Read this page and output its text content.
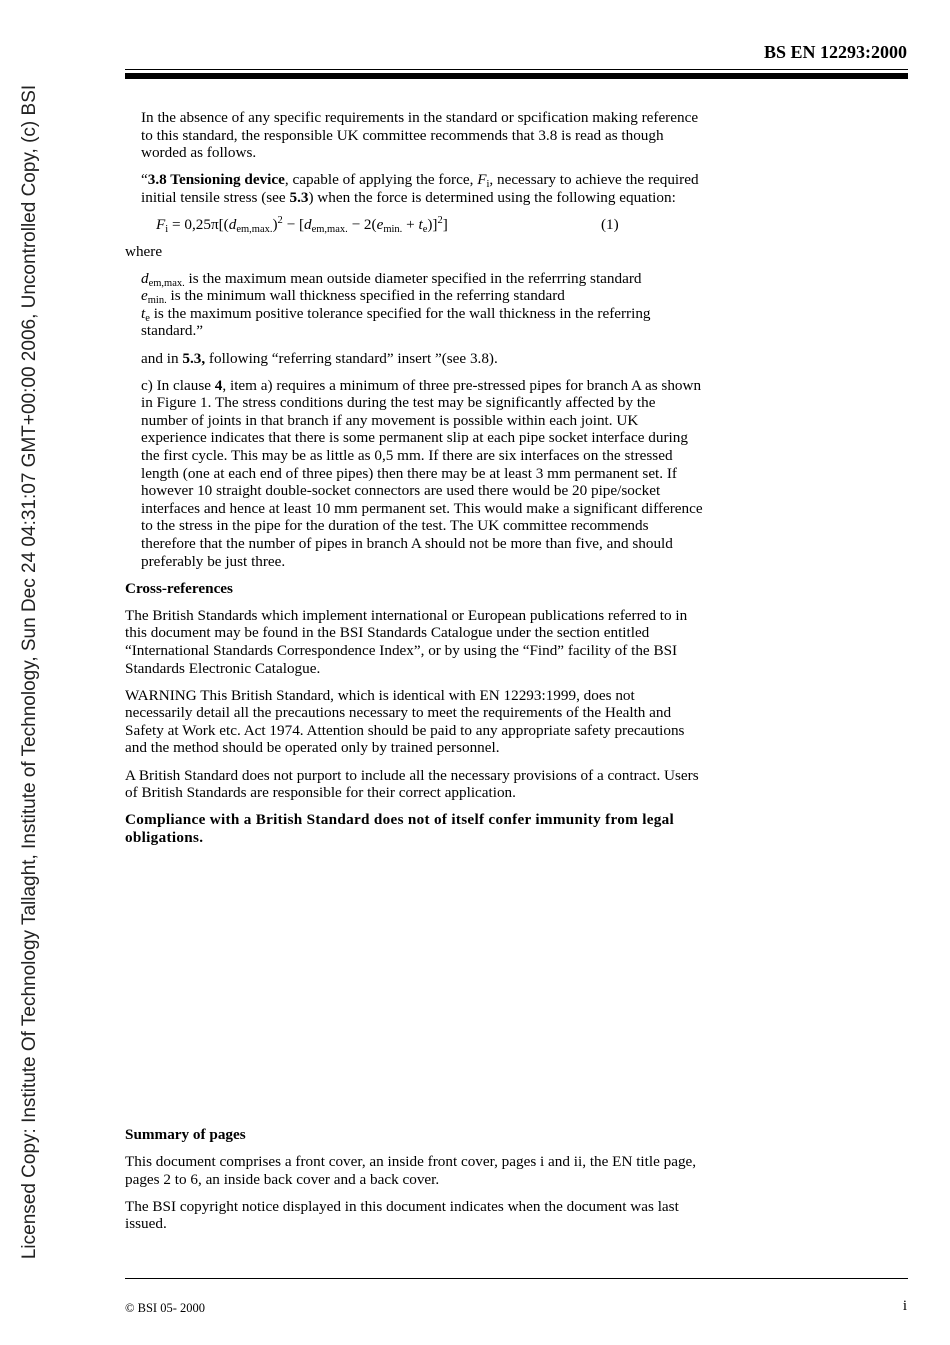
Licensed Copy: Institute Of Technology Tallaght, Institute of Technology, Sun Dec 24 04:31:07 GMT+00:00 2006, Uncontrolled Copy, (c) BSI
BS EN 12293:2000

In the absence of any specific requirements in the standard or spcification making reference to this standard, the responsible UK committee recommends that 3.8 is read as though worded as follows.

“3.8 Tensioning device, capable of applying the force, $F_i$, necessary to achieve the required initial tensile stress (see 5.3) when the force is determined using the following equation:

$F_i = 0,25\pi[(d_{em,max.})^2 - [d_{em,max.} - 2(e_{min.} + t_e)]^2]$	(1)

where

$d_{em,max.}$ is the maximum mean outside diameter specified in the referrring standard
$e_{min.}$ is the minimum wall thickness specified in the referring standard
$t_e$ is the maximum positive tolerance specified for the wall thickness in the referring standard.”

and in 5.3, following “referring standard” insert ”(see 3.8).

c) In clause 4, item a) requires a minimum of three pre-stressed pipes for branch A as shown in Figure 1. The stress conditions during the test may be significantly affected by the number of joints in that branch if any movement is possible within each joint. UK experience indicates that there is some permanent slip at each pipe socket interface during the first cycle. This may be as little as 0,5 mm. If there are six interfaces on the stressed length (one at each end of three pipes) then there may be at least 3 mm permanent set. If however 10 straight double-socket connectors are used there would be 20 pipe/socket interfaces and hence at least 10 mm permanent set. This would make a significant difference to the stress in the pipe for the duration of the test. The UK committee recommends therefore that the number of pipes in branch A should not be more than five, and should preferably be just three.

Cross-references

The British Standards which implement international or European publications referred to in this document may be found in the BSI Standards Catalogue under the section entitled “International Standards Correspondence Index”, or by using the “Find” facility of the BSI Standards Electronic Catalogue.

WARNING This British Standard, which is identical with EN 12293:1999, does not necessarily detail all the precautions necessary to meet the requirements of the Health and Safety at Work etc. Act 1974. Attention should be paid to any appropriate safety precautions and the method should be operated only by trained personnel.

A British Standard does not purport to include all the necessary provisions of a contract. Users of British Standards are responsible for their correct application.

Compliance with a British Standard does not of itself confer immunity from legal obligations.

Summary of pages

This document comprises a front cover, an inside front cover, pages i and ii, the EN title page, pages 2 to 6, an inside back cover and a back cover.

The BSI copyright notice displayed in this document indicates when the document was last issued.

© BSI 05- 2000	i
